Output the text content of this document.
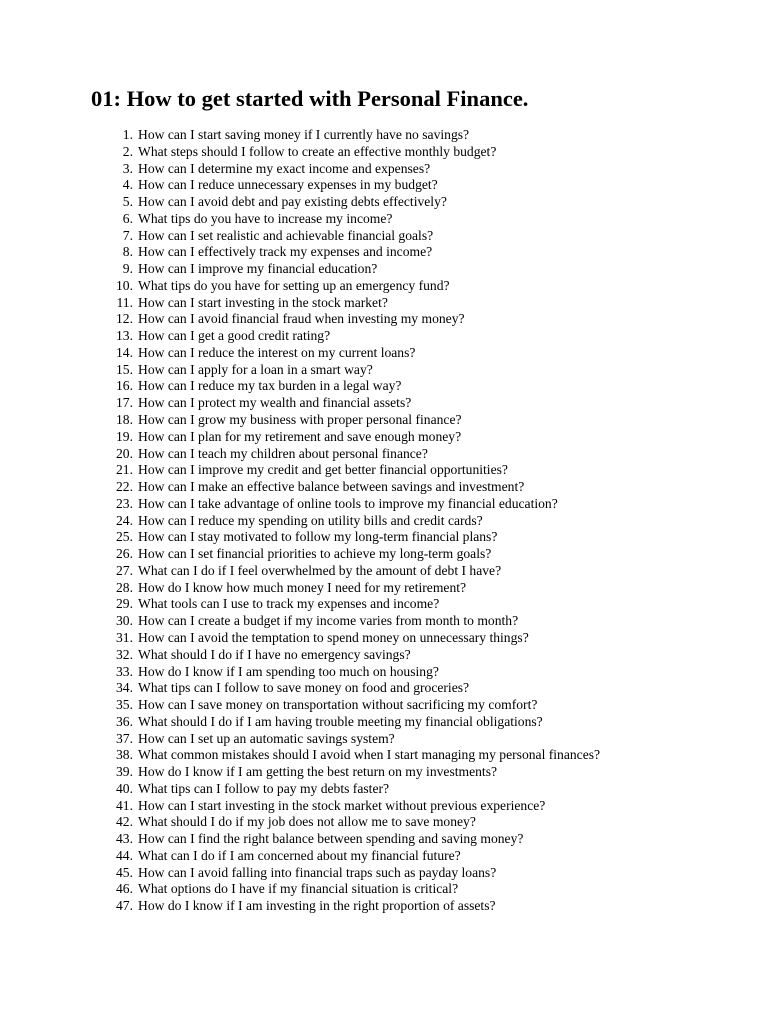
01: How to get started with Personal Finance.
1. How can I start saving money if I currently have no savings?
2. What steps should I follow to create an effective monthly budget?
3. How can I determine my exact income and expenses?
4. How can I reduce unnecessary expenses in my budget?
5. How can I avoid debt and pay existing debts effectively?
6. What tips do you have to increase my income?
7. How can I set realistic and achievable financial goals?
8. How can I effectively track my expenses and income?
9. How can I improve my financial education?
10. What tips do you have for setting up an emergency fund?
11. How can I start investing in the stock market?
12. How can I avoid financial fraud when investing my money?
13. How can I get a good credit rating?
14. How can I reduce the interest on my current loans?
15. How can I apply for a loan in a smart way?
16. How can I reduce my tax burden in a legal way?
17. How can I protect my wealth and financial assets?
18. How can I grow my business with proper personal finance?
19. How can I plan for my retirement and save enough money?
20. How can I teach my children about personal finance?
21. How can I improve my credit and get better financial opportunities?
22. How can I make an effective balance between savings and investment?
23. How can I take advantage of online tools to improve my financial education?
24. How can I reduce my spending on utility bills and credit cards?
25. How can I stay motivated to follow my long-term financial plans?
26. How can I set financial priorities to achieve my long-term goals?
27. What can I do if I feel overwhelmed by the amount of debt I have?
28. How do I know how much money I need for my retirement?
29. What tools can I use to track my expenses and income?
30. How can I create a budget if my income varies from month to month?
31. How can I avoid the temptation to spend money on unnecessary things?
32. What should I do if I have no emergency savings?
33. How do I know if I am spending too much on housing?
34. What tips can I follow to save money on food and groceries?
35. How can I save money on transportation without sacrificing my comfort?
36. What should I do if I am having trouble meeting my financial obligations?
37. How can I set up an automatic savings system?
38. What common mistakes should I avoid when I start managing my personal finances?
39. How do I know if I am getting the best return on my investments?
40. What tips can I follow to pay my debts faster?
41. How can I start investing in the stock market without previous experience?
42. What should I do if my job does not allow me to save money?
43. How can I find the right balance between spending and saving money?
44. What can I do if I am concerned about my financial future?
45. How can I avoid falling into financial traps such as payday loans?
46. What options do I have if my financial situation is critical?
47. How do I know if I am investing in the right proportion of assets?
